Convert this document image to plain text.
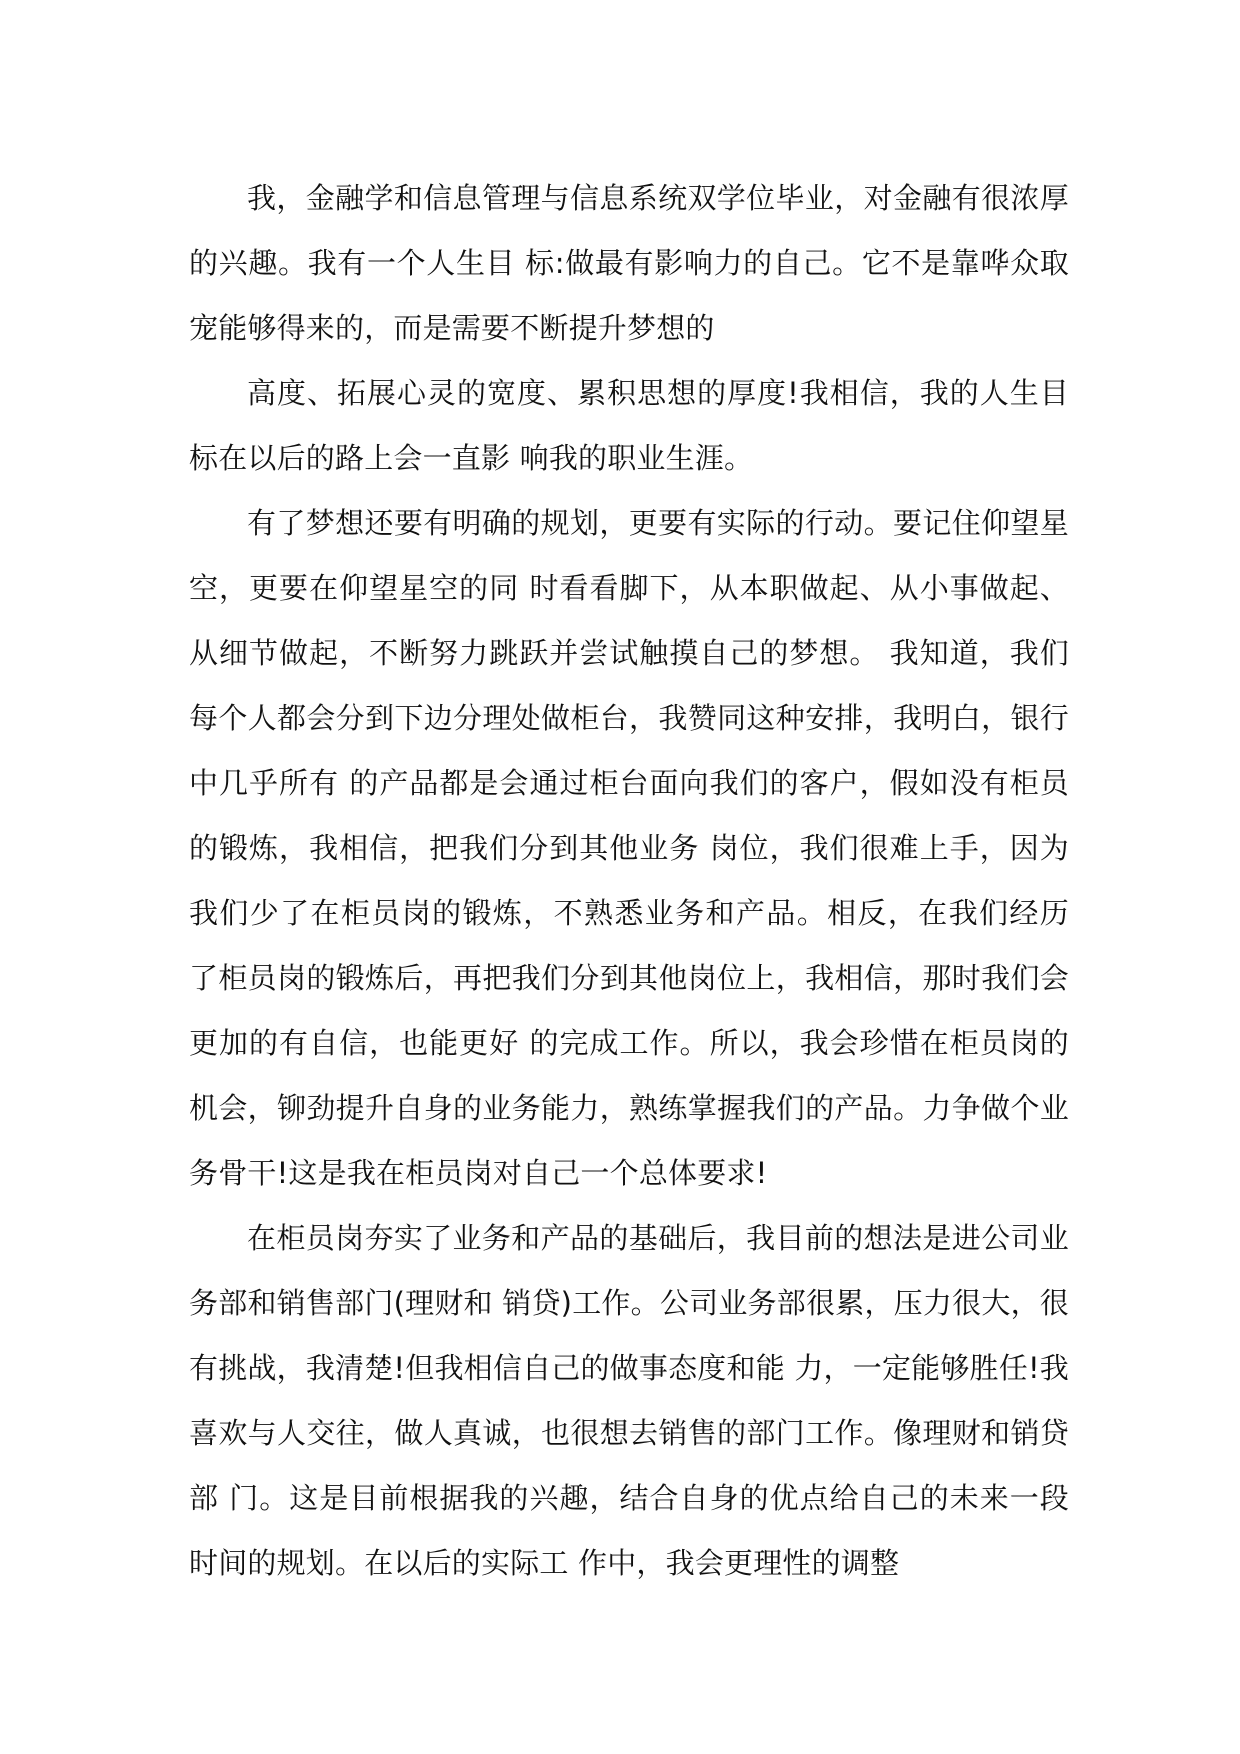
我，金融学和信息管理与信息系统双学位毕业，对金融有很浓厚的兴趣。我有一个人生目 标:做最有影响力的自己。它不是靠哗众取宠能够得来的，而是需要不断提升梦想的

高度、拓展心灵的宽度、累积思想的厚度!我相信，我的人生目标在以后的路上会一直影 响我的职业生涯。

有了梦想还要有明确的规划，更要有实际的行动。要记住仰望星空，更要在仰望星空的同 时看看脚下，从本职做起、从小事做起、从细节做起，不断努力跳跃并尝试触摸自己的梦想。 我知道，我们每个人都会分到下边分理处做柜台，我赞同这种安排，我明白，银行中几乎所有 的产品都是会通过柜台面向我们的客户，假如没有柜员的锻炼，我相信，把我们分到其他业务 岗位，我们很难上手，因为我们少了在柜员岗的锻炼，不熟悉业务和产品。相反，在我们经历 了柜员岗的锻炼后，再把我们分到其他岗位上，我相信，那时我们会更加的有自信，也能更好 的完成工作。所以，我会珍惜在柜员岗的机会，铆劲提升自身的业务能力，熟练掌握我们的产品。力争做个业务骨干!这是我在柜员岗对自己一个总体要求!

在柜员岗夯实了业务和产品的基础后，我目前的想法是进公司业务部和销售部门(理财和 销贷)工作。公司业务部很累，压力很大，很有挑战，我清楚!但我相信自己的做事态度和能 力，一定能够胜任!我喜欢与人交往，做人真诚，也很想去销售的部门工作。像理财和销贷部 门。这是目前根据我的兴趣，结合自身的优点给自己的未来一段时间的规划。在以后的实际工 作中，我会更理性的调整
